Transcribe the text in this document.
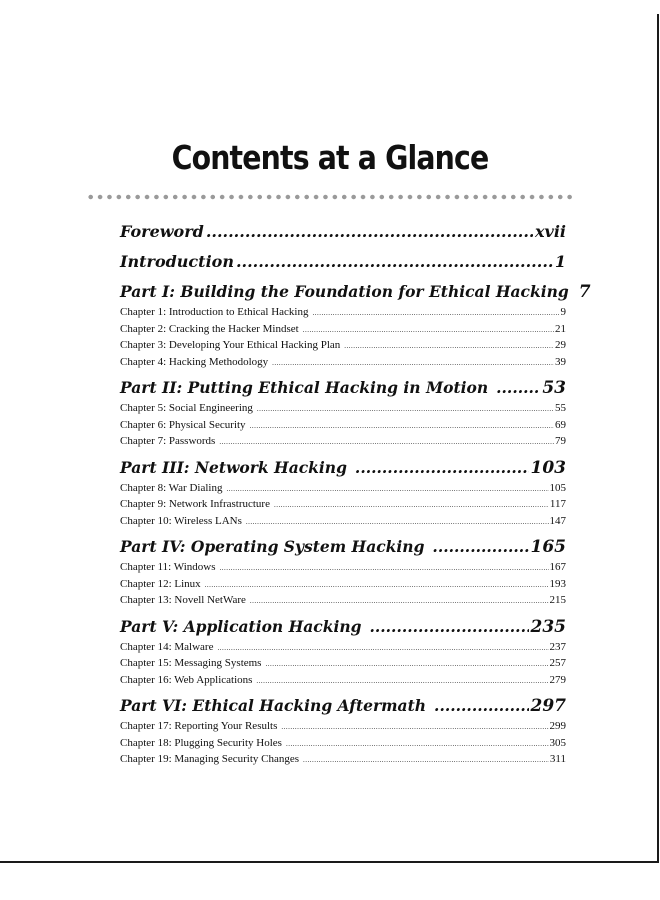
Contents at a Glance
Foreword .....	xvii
Introduction .....	1
Part I: Building the Foundation for Ethical Hacking 7
Chapter 1: Introduction to Ethical Hacking .....	9
Chapter 2: Cracking the Hacker Mindset .....	21
Chapter 3: Developing Your Ethical Hacking Plan .....	29
Chapter 4: Hacking Methodology .....	39
Part II: Putting Ethical Hacking in Motion .....	53
Chapter 5: Social Engineering .....	55
Chapter 6: Physical Security .....	69
Chapter 7: Passwords .....	79
Part III: Network Hacking .....	103
Chapter 8: War Dialing .....	105
Chapter 9: Network Infrastructure .....	117
Chapter 10: Wireless LANs .....	147
Part IV: Operating System Hacking .....	165
Chapter 11: Windows .....	167
Chapter 12: Linux .....	193
Chapter 13: Novell NetWare .....	215
Part V: Application Hacking .....	235
Chapter 14: Malware .....	237
Chapter 15: Messaging Systems .....	257
Chapter 16: Web Applications .....	279
Part VI: Ethical Hacking Aftermath .....	297
Chapter 17: Reporting Your Results .....	299
Chapter 18: Plugging Security Holes .....	305
Chapter 19: Managing Security Changes .....	311
